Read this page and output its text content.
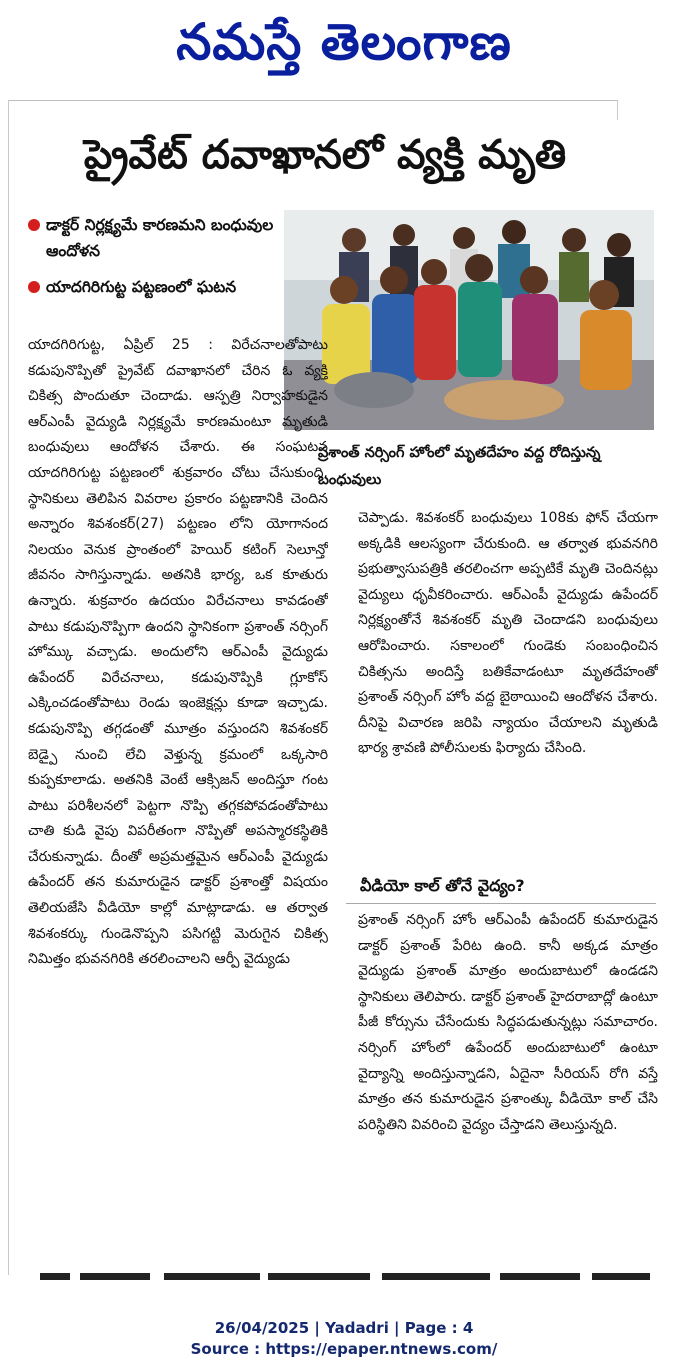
నమస్తే తెలంగాణ
ప్రైవేట్ దవాఖానలో వ్యక్తి మృతి
డాక్టర్ నిర్లక్ష్యమే కారణమని బంధువుల ఆందోళన
యాదగిరిగుట్ట పట్టణంలో ఘటన
ప్రశాంత్ నర్సింగ్ హోంలో మృతదేహం వద్ద రోదిస్తున్న బంధువులు
యాదగిరిగుట్ట, ఏప్రిల్ 25 : విరేచనాలతోపాటు కడుపునొప్పితో ప్రైవేట్ దవాఖానలో చేరిన ఓ వ్యక్తి చికిత్స పొందుతూ చెందాడు. ఆస్పత్రి నిర్వాహకుడైన ఆర్ఎంపీ వైద్యుడి నిర్లక్ష్యమే కారణమంటూ మృతుడి బంధువులు ఆందోళన చేశారు. ఈ సంఘటన యాదగిరిగుట్ట పట్టణంలో శుక్రవారం చోటు చేసుకుంది. స్థానికులు తెలిపిన వివరాల ప్రకారం పట్టణానికి చెందిన అన్నారం శివశంకర్(27) పట్టణం లోని యోగానంద నిలయం వెనుక ప్రాంతంలో హెయిర్ కటింగ్ సెలూన్తో జీవనం సాగిస్తున్నాడు. అతనికి భార్య, ఒక కూతురు ఉన్నారు. శుక్రవారం ఉదయం విరేచనాలు కావడంతో పాటు కడుపునొప్పిగా ఉందని స్థానికంగా ప్రశాంత్ నర్సింగ్ హోమ్కు వచ్చాడు. అందులోని ఆర్ఎంపీ వైద్యుడు ఉపేందర్ విరేచనాలు, కడుపునొప్పికి గ్లూకోస్ ఎక్కించడంతోపాటు రెండు ఇంజెక్షన్లు కూడా ఇచ్చాడు. కడుపునొప్పి తగ్గడంతో మూత్రం వస్తుందని శివశంకర్ బెడ్పై నుంచి లేచి వెళ్తున్న క్రమంలో ఒక్కసారి కుప్పకూలాడు. అతనికి వెంటే ఆక్సిజన్ అందిస్తూ గంట పాటు పరిశీలనలో పెట్టగా నొప్పి తగ్గకపోవడంతోపాటు చాతి కుడి వైపు విపరీతంగా నొప్పితో అపస్మారకస్థితికి చేరుకున్నాడు. దీంతో అప్రమత్తమైన ఆర్ఎంపీ వైద్యుడు ఉపేందర్ తన కుమారుడైన డాక్టర్ ప్రశాంత్తో విషయం తెలియజేసి వీడియో కాల్లో మాట్లాడాడు. ఆ తర్వాత శివశంకర్కు గుండెనొప్పని పసిగట్టి మెరుగైన చికిత్స నిమిత్తం భువనగిరికి తరలించాలని ఆర్పీ వైద్యుడు
చెప్పాడు. శివశంకర్ బంధువులు 108కు ఫోన్ చేయగా అక్కడికి ఆలస్యంగా చేరుకుంది. ఆ తర్వాత భువనగిరి ప్రభుత్వాసుపత్రికి తరలించగా అప్పటికే మృతి చెందినట్లు వైద్యులు ధృవీకరించారు. ఆర్ఎంపీ వైద్యుడు ఉపేందర్ నిర్లక్ష్యంతోనే శివశంకర్ మృతి చెందాడని బంధువులు ఆరోపించారు. సకాలంలో గుండెకు సంబంధించిన చికిత్సను అందిస్తే బతికేవాడంటూ మృతదేహంతో ప్రశాంత్ నర్సింగ్ హోం వద్ద బైఠాయించి ఆందోళన చేశారు. దీనిపై విచారణ జరిపి న్యాయం చేయాలని మృతుడి భార్య శ్రావణి పోలీసులకు ఫిర్యాదు చేసింది.
వీడియో కాల్ తోనే వైద్యం?
ప్రశాంత్ నర్సింగ్ హోం ఆర్ఎంపీ ఉపేందర్ కుమారుడైన డాక్టర్ ప్రశాంత్ పేరిట ఉంది. కానీ అక్కడ మాత్రం వైద్యుడు ప్రశాంత్ మాత్రం అందుబాటులో ఉండడని స్థానికులు తెలిపారు. డాక్టర్ ప్రశాంత్ హైదరాబాద్లో ఉంటూ పీజీ కోర్సును చేసేందుకు సిద్ధపడుతున్నట్లు సమాచారం. నర్సింగ్ హోంలో ఉపేందర్ అందుబాటులో ఉంటూ వైద్యాన్ని అందిస్తున్నాడని, ఏదైనా సీరియస్ రోగి వస్తే మాత్రం తన కుమారుడైన ప్రశాంత్కు వీడియో కాల్ చేసి పరిస్థితిని వివరించి వైద్యం చేస్తాడని తెలుస్తున్నది.
26/04/2025 | Yadadri | Page : 4
Source : https://epaper.ntnews.com/
